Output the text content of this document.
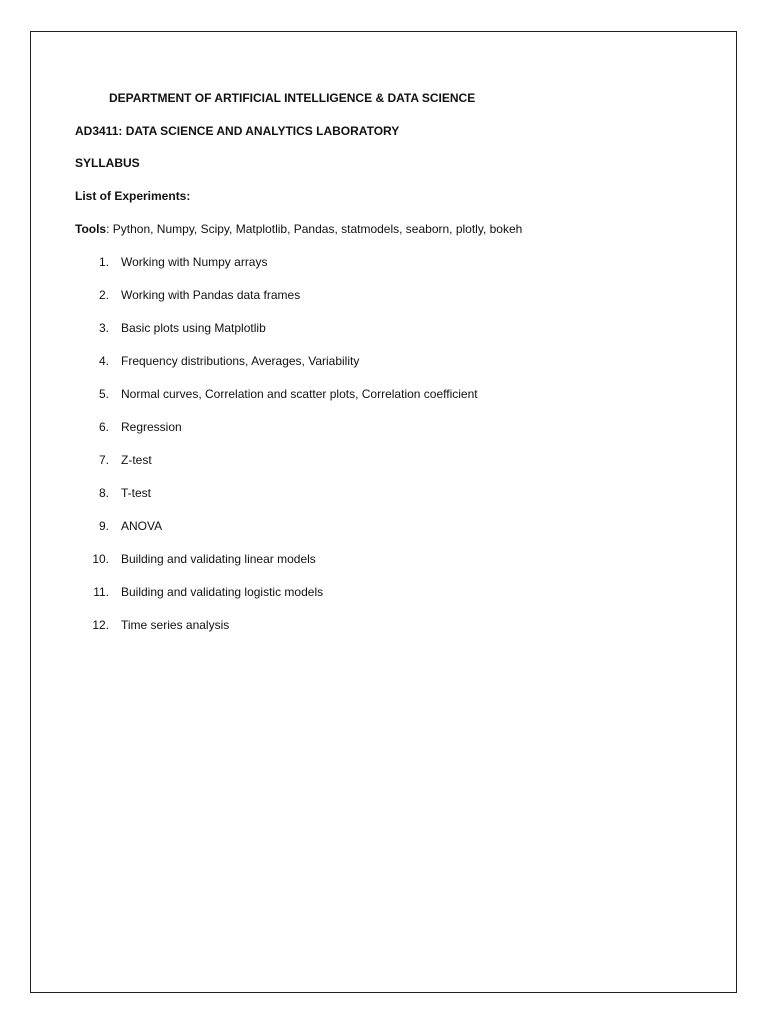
DEPARTMENT OF ARTIFICIAL INTELLIGENCE & DATA SCIENCE
AD3411: DATA SCIENCE AND ANALYTICS LABORATORY
SYLLABUS
List of Experiments:
Tools: Python, Numpy, Scipy, Matplotlib, Pandas, statmodels, seaborn, plotly, bokeh
1. Working with Numpy arrays
2. Working with Pandas data frames
3. Basic plots using Matplotlib
4. Frequency distributions, Averages, Variability
5. Normal curves, Correlation and scatter plots, Correlation coefficient
6. Regression
7. Z-test
8. T-test
9. ANOVA
10. Building and validating linear models
11. Building and validating logistic models
12. Time series analysis
